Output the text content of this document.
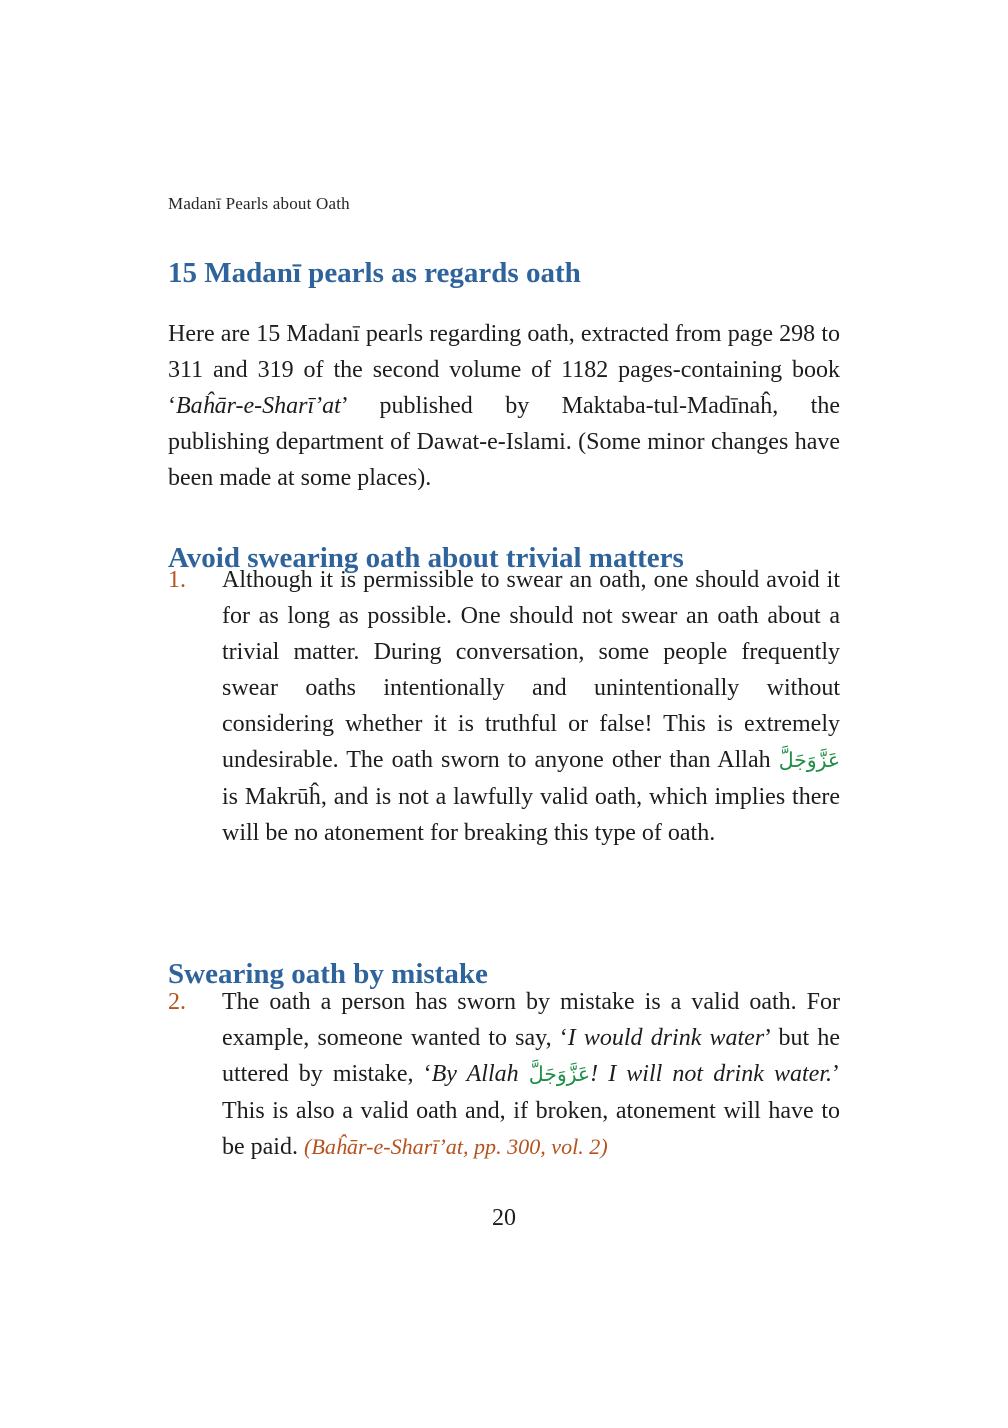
Madanī Pearls about Oath
15 Madanī pearls as regards oath

Here are 15 Madanī pearls regarding oath, extracted from page 298 to 311 and 319 of the second volume of 1182 pages-containing book ‘Baĥār-e-Sharī’at’ published by Maktaba-tul-Madīnaĥ, the publishing department of Dawat-e-Islami. (Some minor changes have been made at some places).

Avoid swearing oath about trivial matters
1.	Although it is permissible to swear an oath, one should avoid it for as long as possible. One should not swear an oath about a trivial matter. During conversation, some people frequently swear oaths intentionally and unintentionally without considering whether it is truthful or false! This is extremely undesirable. The oath sworn to anyone other than Allah عَزَّوَجَلَّ is Makrūĥ, and is not a lawfully valid oath, which implies there will be no atonement for breaking this type of oath.
Swearing oath by mistake
2.	The oath a person has sworn by mistake is a valid oath. For example, someone wanted to say, ‘I would drink water’ but he uttered by mistake, ‘By Allah عَزَّوَجَلَّ! I will not drink water.’ This is also a valid oath and, if broken, atonement will have to be paid. (Baĥār-e-Sharī’at, pp. 300, vol. 2)
20
